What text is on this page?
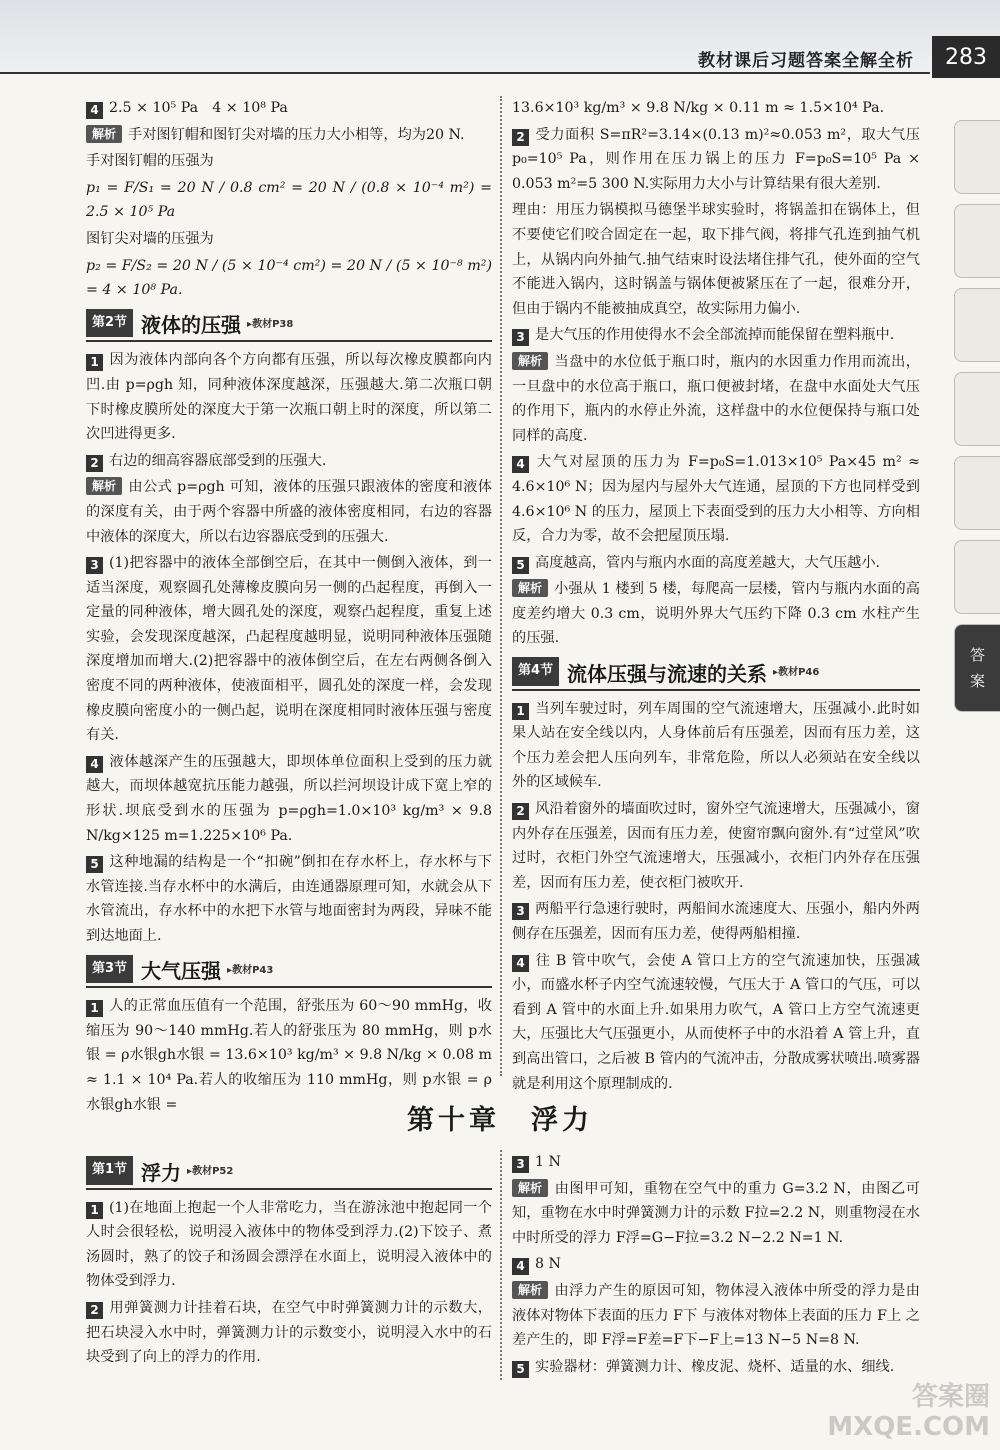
教材课后习题答案全解全析	283
答
案

4 2.5 × 10⁵ Pa　4 × 10⁸ Pa

解析 手对图钉帽和图钉尖对墙的压力大小相等，均为20 N.

手对图钉帽的压强为

p₁ = F/S₁ = 20 N / 0.8 cm² = 20 N / (0.8 × 10⁻⁴ m²) = 2.5 × 10⁵ Pa

图钉尖对墙的压强为

p₂ = F/S₂ = 20 N / (5 × 10⁻⁴ cm²) = 20 N / (5 × 10⁻⁸ m²) = 4 × 10⁸ Pa.

第2节 液体的压强 ▸教材P38

1 因为液体内部向各个方向都有压强，所以每次橡皮膜都向内凹.由 p=ρgh 知，同种液体深度越深，压强越大.第二次瓶口朝下时橡皮膜所处的深度大于第一次瓶口朝上时的深度，所以第二次凹进得更多.

2 右边的细高容器底部受到的压强大.

解析 由公式 p=ρgh 可知，液体的压强只跟液体的密度和液体的深度有关，由于两个容器中所盛的液体密度相同，右边的容器中液体的深度大，所以右边容器底受到的压强大.

3 (1)把容器中的液体全部倒空后，在其中一侧倒入液体，到一适当深度，观察圆孔处薄橡皮膜向另一侧的凸起程度，再倒入一定量的同种液体，增大圆孔处的深度，观察凸起程度，重复上述实验，会发现深度越深，凸起程度越明显，说明同种液体压强随深度增加而增大.(2)把容器中的液体倒空后，在左右两侧各倒入密度不同的两种液体，使液面相平，圆孔处的深度一样，会发现橡皮膜向密度小的一侧凸起，说明在深度相同时液体压强与密度有关.

4 液体越深产生的压强越大，即坝体单位面积上受到的压力就越大，而坝体越宽抗压能力越强，所以拦河坝设计成下宽上窄的形状.坝底受到水的压强为 p=ρgh=1.0×10³ kg/m³ × 9.8 N/kg×125 m=1.225×10⁶ Pa.

5 这种地漏的结构是一个“扣碗”倒扣在存水杯上，存水杯与下水管连接.当存水杯中的水满后，由连通器原理可知，水就会从下水管流出，存水杯中的水把下水管与地面密封为两段，异味不能到达地面上.

第3节 大气压强 ▸教材P43

1 人的正常血压值有一个范围，舒张压为 60～90 mmHg，收缩压为 90～140 mmHg.若人的舒张压为 80 mmHg，则 p水银 = ρ水银gh水银 = 13.6×10³ kg/m³ × 9.8 N/kg × 0.08 m ≈ 1.1 × 10⁴ Pa.若人的收缩压为 110 mmHg，则 p水银 = ρ水银gh水银 =

13.6×10³ kg/m³ × 9.8 N/kg × 0.11 m ≈ 1.5×10⁴ Pa.

2 受力面积 S=πR²=3.14×(0.13 m)²≈0.053 m²，取大气压 p₀=10⁵ Pa，则作用在压力锅上的压力 F=p₀S=10⁵ Pa × 0.053 m²=5 300 N.实际用力大小与计算结果有很大差别.

理由：用压力锅模拟马德堡半球实验时，将锅盖扣在锅体上，但不要使它们咬合固定在一起，取下排气阀，将排气孔连到抽气机上，从锅内向外抽气.抽气结束时设法堵住排气孔，使外面的空气不能进入锅内，这时锅盖与锅体便被紧压在了一起，很难分开，但由于锅内不能被抽成真空，故实际用力偏小.

3 是大气压的作用使得水不会全部流掉而能保留在塑料瓶中.

解析 当盘中的水位低于瓶口时，瓶内的水因重力作用而流出，一旦盘中的水位高于瓶口，瓶口便被封堵，在盘中水面处大气压的作用下，瓶内的水停止外流，这样盘中的水位便保持与瓶口处同样的高度.

4 大气对屋顶的压力为 F=p₀S=1.013×10⁵ Pa×45 m² ≈ 4.6×10⁶ N；因为屋内与屋外大气连通，屋顶的下方也同样受到 4.6×10⁶ N 的压力，屋顶上下表面受到的压力大小相等、方向相反，合力为零，故不会把屋顶压塌.

5 高度越高，管内与瓶内水面的高度差越大，大气压越小.

解析 小强从 1 楼到 5 楼，每爬高一层楼，管内与瓶内水面的高度差约增大 0.3 cm，说明外界大气压约下降 0.3 cm 水柱产生的压强.

第4节 流体压强与流速的关系 ▸教材P46

1 当列车驶过时，列车周围的空气流速增大，压强减小.此时如果人站在安全线以内，人身体前后有压强差，因而有压力差，这个压力差会把人压向列车，非常危险，所以人必须站在安全线以外的区域候车.

2 风沿着窗外的墙面吹过时，窗外空气流速增大，压强减小，窗内外存在压强差，因而有压力差，使窗帘飘向窗外.有“过堂风”吹过时，衣柜门外空气流速增大，压强减小，衣柜门内外存在压强差，因而有压力差，使衣柜门被吹开.

3 两船平行急速行驶时，两船间水流速度大、压强小，船内外两侧存在压强差，因而有压力差，使得两船相撞.

4 往 B 管中吹气，会使 A 管口上方的空气流速加快，压强减小，而盛水杯子内空气流速较慢，气压大于 A 管口的气压，可以看到 A 管中的水面上升.如果用力吹气，A 管口上方空气流速更大，压强比大气压强更小，从而使杯子中的水沿着 A 管上升，直到高出管口，之后被 B 管内的气流冲击，分散成雾状喷出.喷雾器就是利用这个原理制成的.

第十章　浮力
第1节 浮力 ▸教材P52

1 (1)在地面上抱起一个人非常吃力，当在游泳池中抱起同一个人时会很轻松，说明浸入液体中的物体受到浮力.(2)下饺子、煮汤圆时，熟了的饺子和汤圆会漂浮在水面上，说明浸入液体中的物体受到浮力.

2 用弹簧测力计挂着石块，在空气中时弹簧测力计的示数大，把石块浸入水中时，弹簧测力计的示数变小，说明浸入水中的石块受到了向上的浮力的作用.

3 1 N

解析 由图甲可知，重物在空气中的重力 G=3.2 N，由图乙可知，重物在水中时弹簧测力计的示数 F拉=2.2 N，则重物浸在水中时所受的浮力 F浮=G−F拉=3.2 N−2.2 N=1 N.

4 8 N

解析 由浮力产生的原因可知，物体浸入液体中所受的浮力是由液体对物体下表面的压力 F下 与液体对物体上表面的压力 F上 之差产生的，即 F浮=F差=F下−F上=13 N−5 N=8 N.

5 实验器材：弹簧测力计、橡皮泥、烧杯、适量的水、细线.

答案圈
MXQE.COM
